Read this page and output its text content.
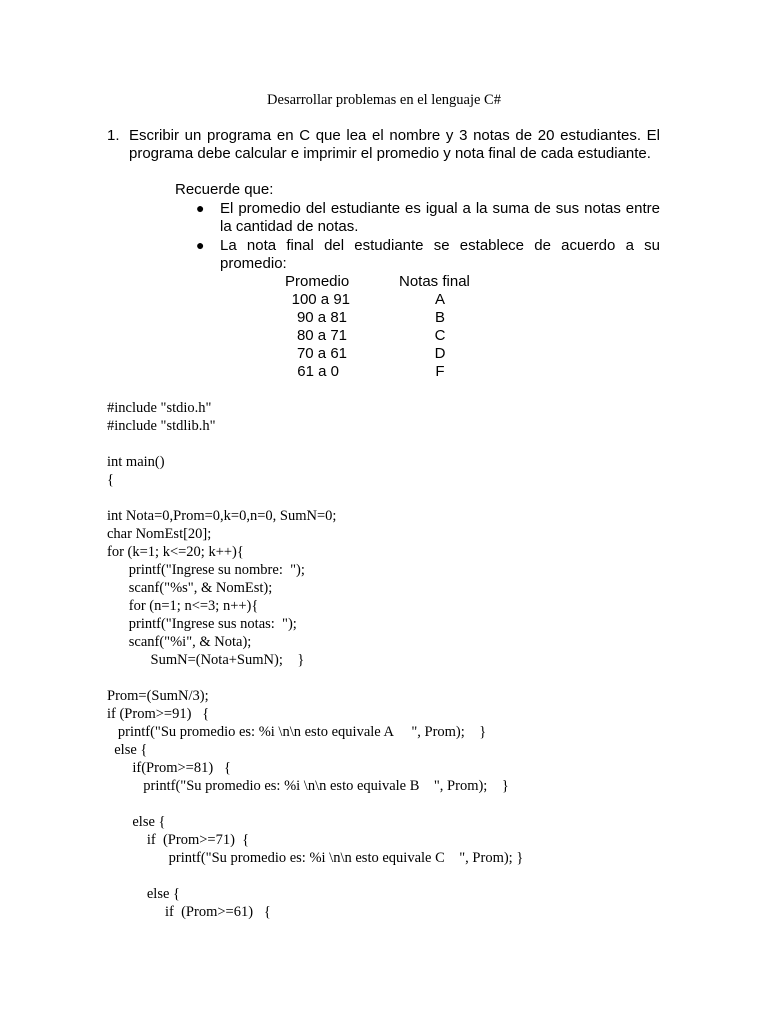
Desarrollar problemas en el lenguaje C#
1. Escribir un programa en C que lea el nombre y 3 notas de 20 estudiantes. El programa debe calcular e imprimir el promedio y nota final de cada estudiante.
Recuerde que:
● El promedio del estudiante es igual a la suma de sus notas entre la cantidad de notas.
● La nota final del estudiante se establece de acuerdo a su promedio:
Promedio	Notas final
100 a 91	A
90 a 81	B
80 a 71	C
70 a 61	D
61 a 0	F
#include "stdio.h"
#include "stdlib.h"
int main()
{
int Nota=0,Prom=0,k=0,n=0, SumN=0;
char NomEst[20];
for (k=1; k<=20; k++){
printf("Ingrese su nombre:  ");
scanf("%s", & NomEst);
for (n=1; n<=3; n++){
printf("Ingrese sus notas:  ");
scanf("%i", & Nota);
SumN=(Nota+SumN);    }
Prom=(SumN/3);
if (Prom>=91)   {
printf("Su promedio es: %i \n\n esto equivale A     ", Prom);    }
else {
if(Prom>=81)   {
printf("Su promedio es: %i \n\n esto equivale B    ", Prom);    }
else {
if  (Prom>=71)  {
printf("Su promedio es: %i \n\n esto equivale C    ", Prom); }
else {
if  (Prom>=61)   {
